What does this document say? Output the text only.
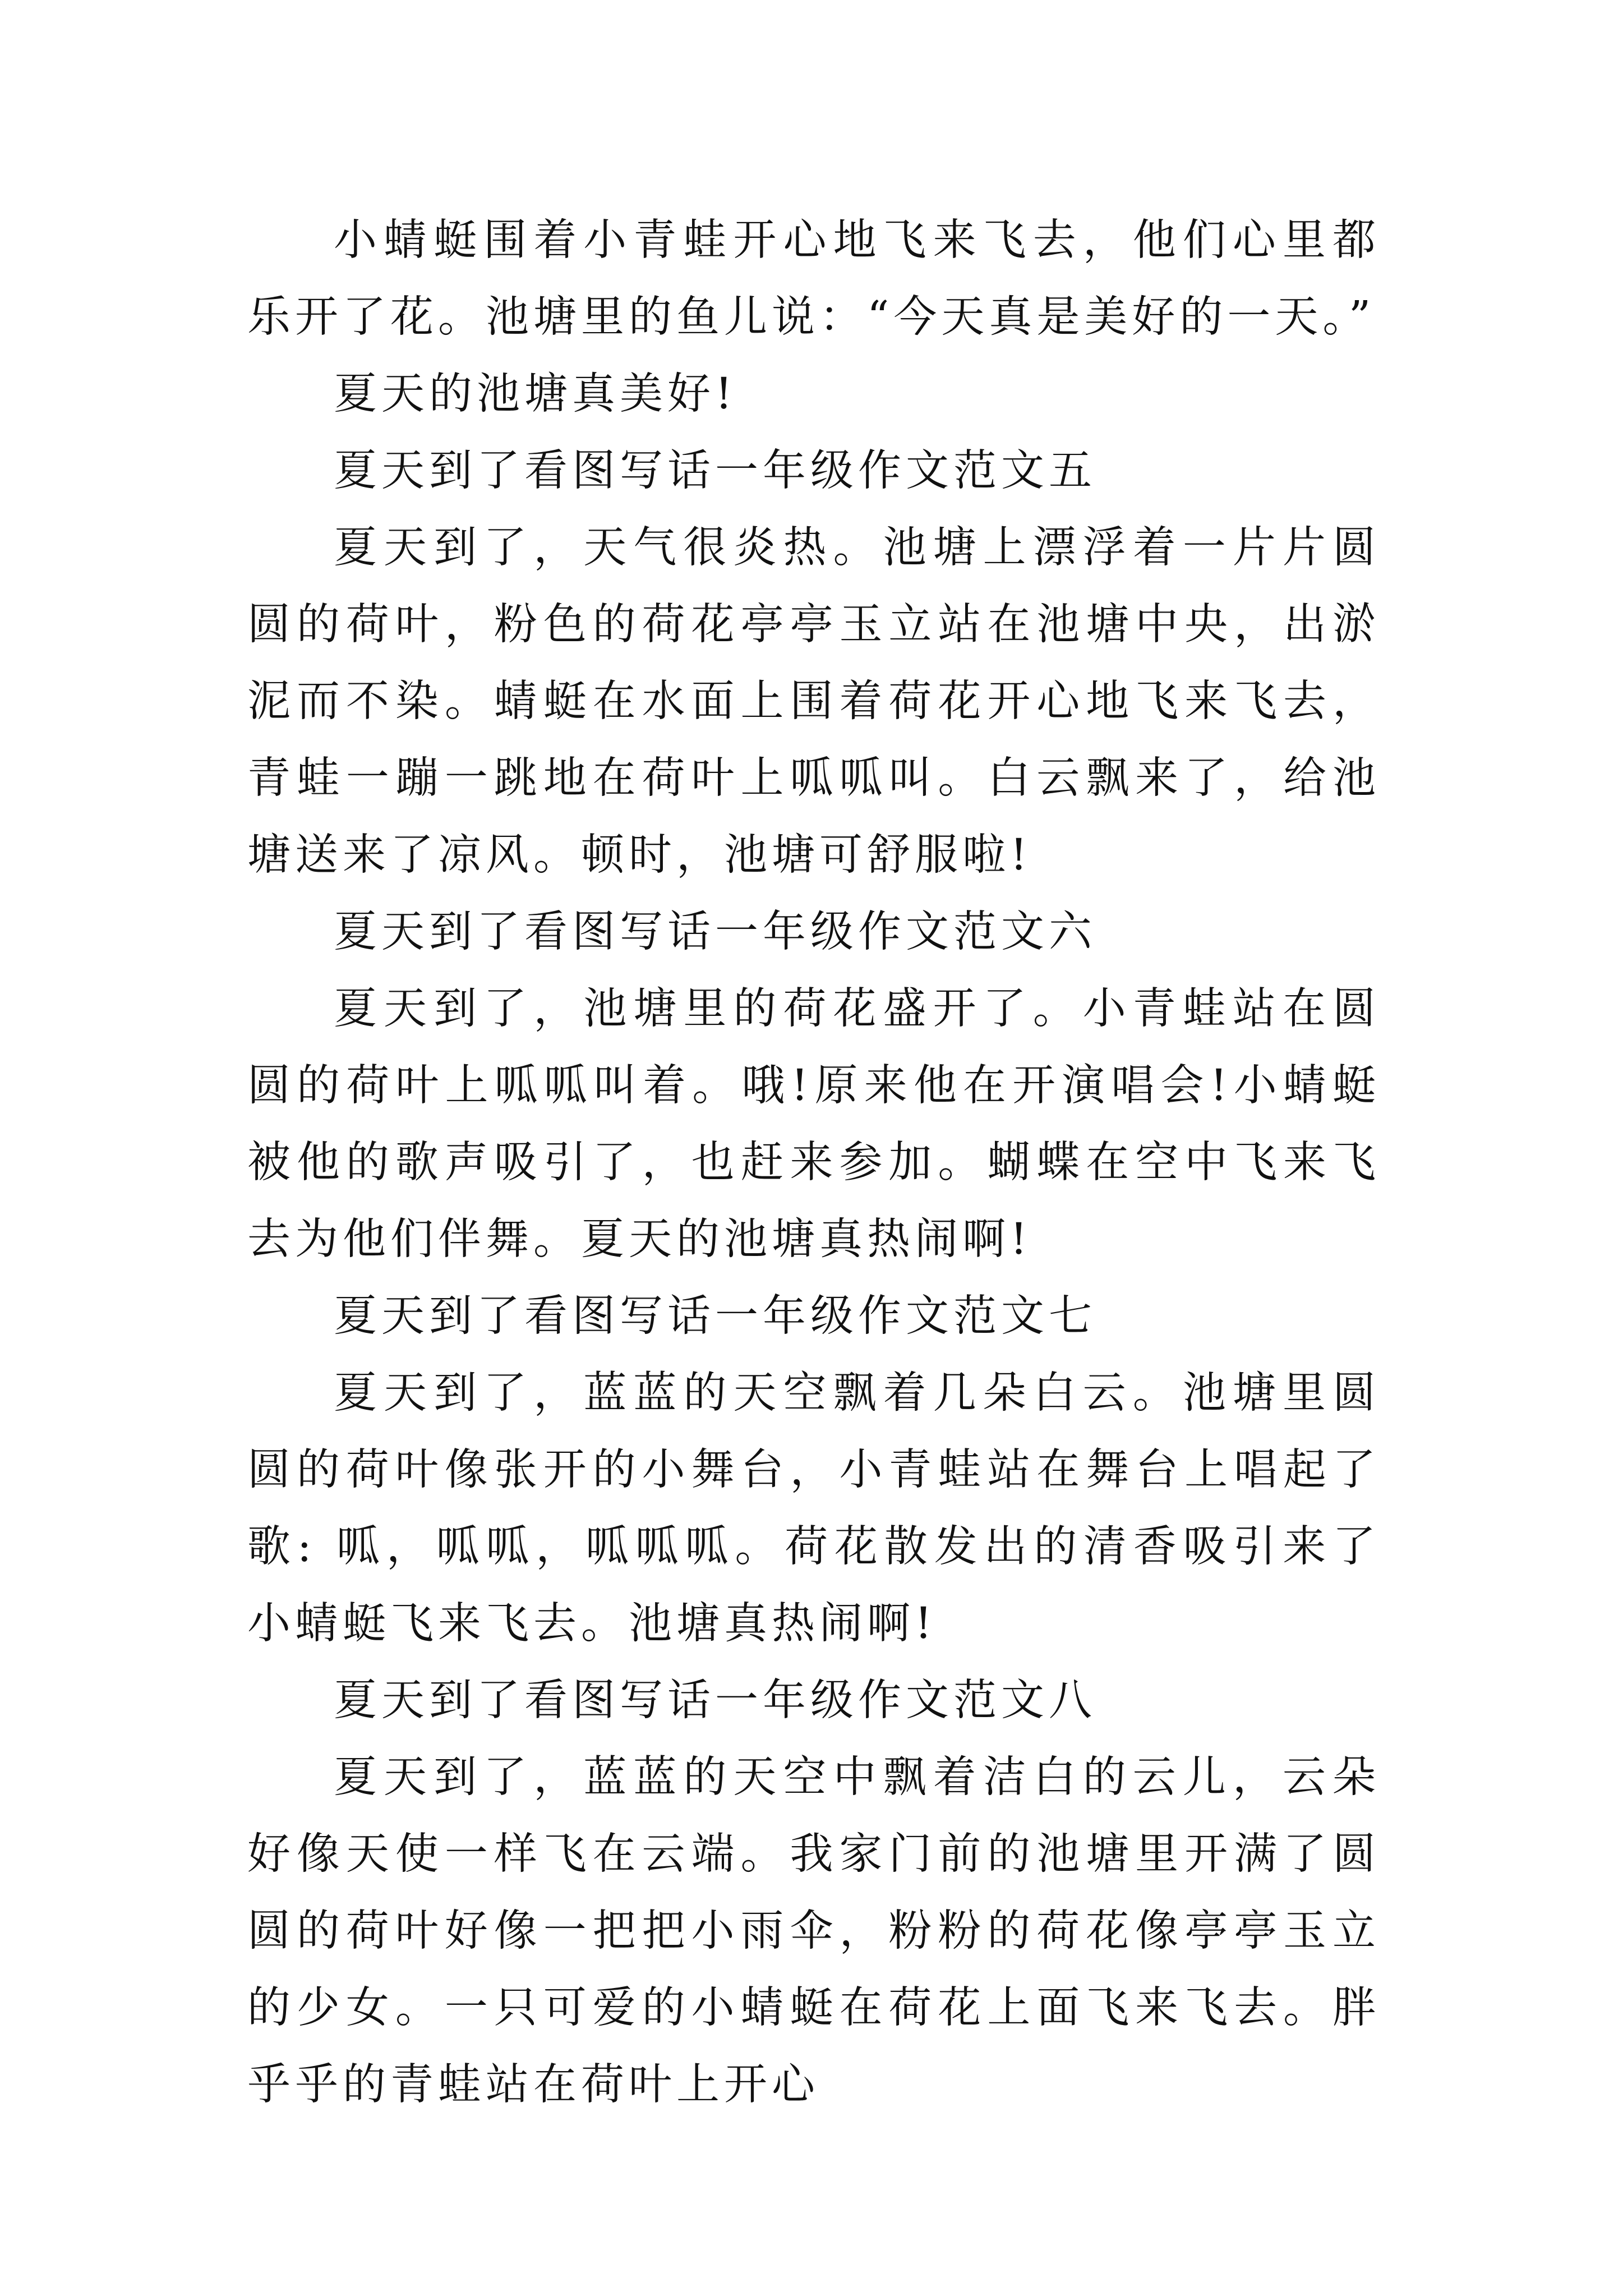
小蜻蜓围着小青蛙开心地飞来飞去，他们心里都乐开了花。池塘里的鱼儿说：“今天真是美好的一天。”

夏天的池塘真美好!

夏天到了看图写话一年级作文范文五

夏天到了，天气很炎热。池塘上漂浮着一片片圆圆的荷叶，粉色的荷花亭亭玉立站在池塘中央，出淤泥而不染。蜻蜓在水面上围着荷花开心地飞来飞去，青蛙一蹦一跳地在荷叶上呱呱叫。白云飘来了，给池塘送来了凉风。顿时，池塘可舒服啦!

夏天到了看图写话一年级作文范文六

夏天到了，池塘里的荷花盛开了。小青蛙站在圆圆的荷叶上呱呱叫着。哦!原来他在开演唱会!小蜻蜓被他的歌声吸引了，也赶来参加。蝴蝶在空中飞来飞去为他们伴舞。夏天的池塘真热闹啊!

夏天到了看图写话一年级作文范文七

夏天到了，蓝蓝的天空飘着几朵白云。池塘里圆圆的荷叶像张开的小舞台，小青蛙站在舞台上唱起了歌: 呱，呱呱，呱呱呱。荷花散发出的清香吸引来了小蜻蜓飞来飞去。池塘真热闹啊!

夏天到了看图写话一年级作文范文八

夏天到了，蓝蓝的天空中飘着洁白的云儿，云朵好像天使一样飞在云端。我家门前的池塘里开满了圆圆的荷叶好像一把把小雨伞，粉粉的荷花像亭亭玉立的少女。一只可爱的小蜻蜓在荷花上面飞来飞去。胖乎乎的青蛙站在荷叶上开心
